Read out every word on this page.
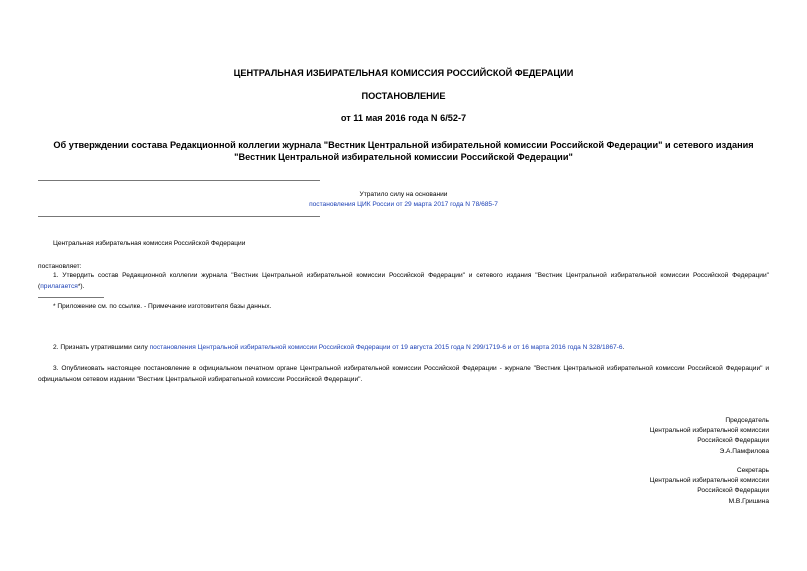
ЦЕНТРАЛЬНАЯ ИЗБИРАТЕЛЬНАЯ КОМИССИЯ РОССИЙСКОЙ ФЕДЕРАЦИИ
ПОСТАНОВЛЕНИЕ
от 11 мая 2016 года N 6/52-7
Об утверждении состава Редакционной коллегии журнала "Вестник Центральной избирательной комиссии Российской Федерации" и сетевого издания "Вестник Центральной избирательной комиссии Российской Федерации"
Утратило силу на основании
постановления ЦИК России от 29 марта 2017 года N 78/685-7
Центральная избирательная комиссия Российской Федерации
постановляет:
1. Утвердить состав Редакционной коллегии журнала "Вестник Центральной избирательной комиссии Российской Федерации" и сетевого издания "Вестник Центральной избирательной комиссии Российской Федерации" (прилагается*).
* Приложение см. по ссылке. - Примечание изготовителя базы данных.
2. Признать утратившими силу постановления Центральной избирательной комиссии Российской Федерации от 19 августа 2015 года N 299/1719-6 и от 16 марта 2016 года N 328/1867-6.
3. Опубликовать настоящее постановление в официальном печатном органе Центральной избирательной комиссии Российской Федерации - журнале "Вестник Центральной избирательной комиссии Российской Федерации" и официальном сетевом издании "Вестник Центральной избирательной комиссии Российской Федерации".
Председатель
Центральной избирательной комиссии
Российской Федерации
Э.А.Памфилова
Секретарь
Центральной избирательной комиссии
Российской Федерации
М.В.Гришина
